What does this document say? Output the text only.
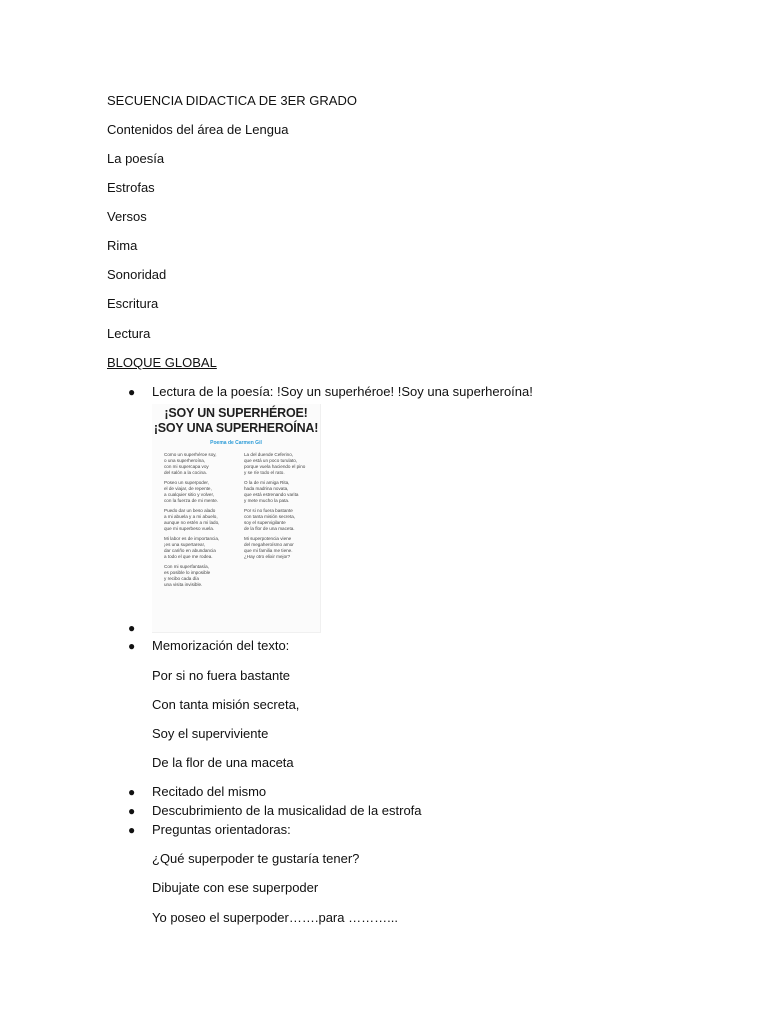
SECUENCIA DIDACTICA DE 3ER GRADO
Contenidos del área de Lengua
La poesía
Estrofas
Versos
Rima
Sonoridad
Escritura
Lectura
BLOQUE GLOBAL
● Lectura de la poesía: !Soy un superhéroe! !Soy una superheroína!
¡SOY UN SUPERHÉROE!
¡SOY UNA SUPERHEROÍNA!
Poema de Carmen Gil
Como un superhéroe soy,
o una superheroína,
con mi supercapa voy
del salón a la cocina.
Poseo un superpoder,
el de viajar, de repente,
a cualquier sitio y volver,
con la fuerza de mi mente.
Puedo dar un beso alado
a mi abuela y a mi abuelo,
aunque no estén a mi lado,
que mi superbeso vuela.
Mi labor es de importancia,
¡es una supertarea!,
dar cariño en abundancia
a todo el que me rodea.
Con mi superfantasía,
es posible lo imposible
y recibo cada día
una visita invisible.
La del duende Ceferino,
que está un poco turulato,
porque vuela haciendo el pino
y se ríe todo el rato.
O la de mi amiga Rita,
hada madrina novata,
que está estrenando varita
y mete mucho la pata.
Por si no fuera bastante
con tanta misión secreta,
soy el supervigilante
de la flor de una maceta.
Mi superpotencia viene
del megaheroísmo amor
que mi familia me tiene.
¿Hay otro elixir mejor?
●
● Memorización del texto:
Por si no fuera bastante
Con tanta misión secreta,
Soy el superviviente
De la flor de una maceta
● Recitado del mismo
● Descubrimiento de la musicalidad de la estrofa
● Preguntas orientadoras:
¿Qué superpoder te gustaría tener?
Dibujate con ese superpoder
Yo poseo el superpoder…….para ………...
